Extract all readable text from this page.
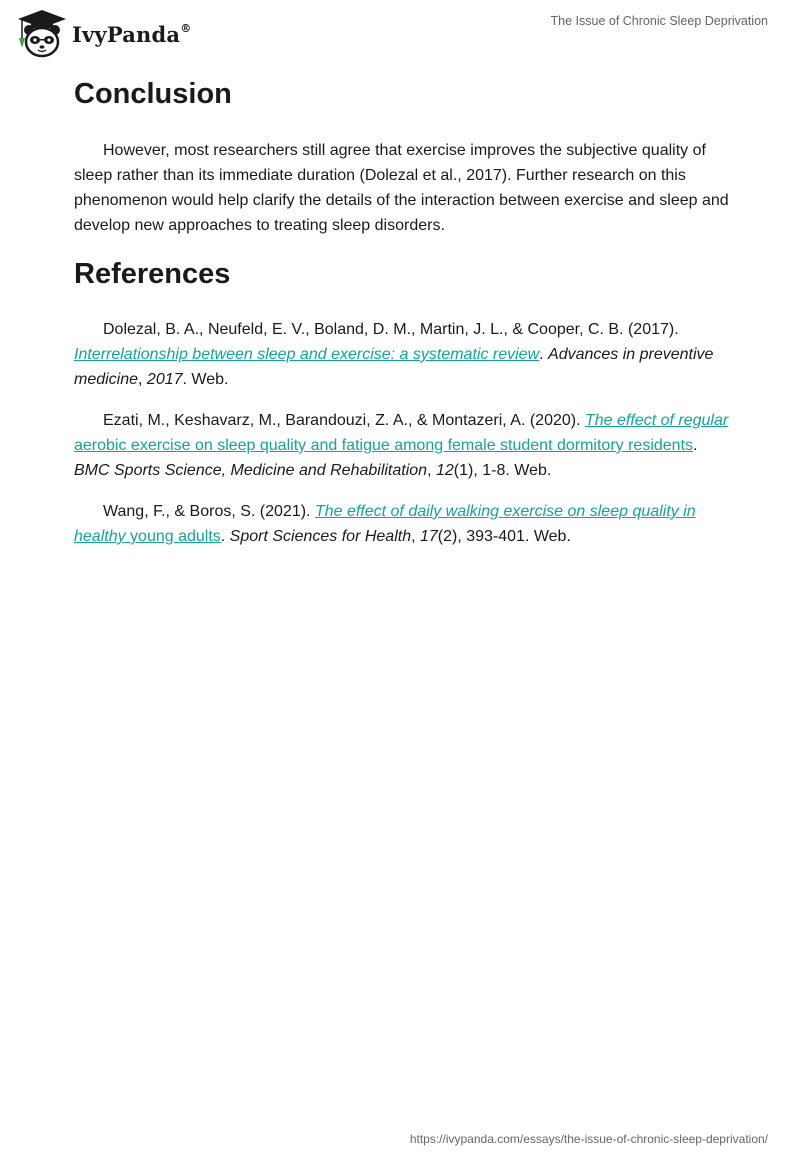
IvyPanda®	The Issue of Chronic Sleep Deprivation
Conclusion

However, most researchers still agree that exercise improves the subjective quality of sleep rather than its immediate duration (Dolezal et al., 2017). Further research on this phenomenon would help clarify the details of the interaction between exercise and sleep and develop new approaches to treating sleep disorders.

References

Dolezal, B. A., Neufeld, E. V., Boland, D. M., Martin, J. L., & Cooper, C. B. (2017). Interrelationship between sleep and exercise: a systematic review. Advances in preventive medicine, 2017. Web.

Ezati, M., Keshavarz, M., Barandouzi, Z. A., & Montazeri, A. (2020). The effect of regular aerobic exercise on sleep quality and fatigue among female student dormitory residents. BMC Sports Science, Medicine and Rehabilitation, 12(1), 1-8. Web.

Wang, F., & Boros, S. (2021). The effect of daily walking exercise on sleep quality in healthy young adults. Sport Sciences for Health, 17(2), 393-401. Web.

https://ivypanda.com/essays/the-issue-of-chronic-sleep-deprivation/
